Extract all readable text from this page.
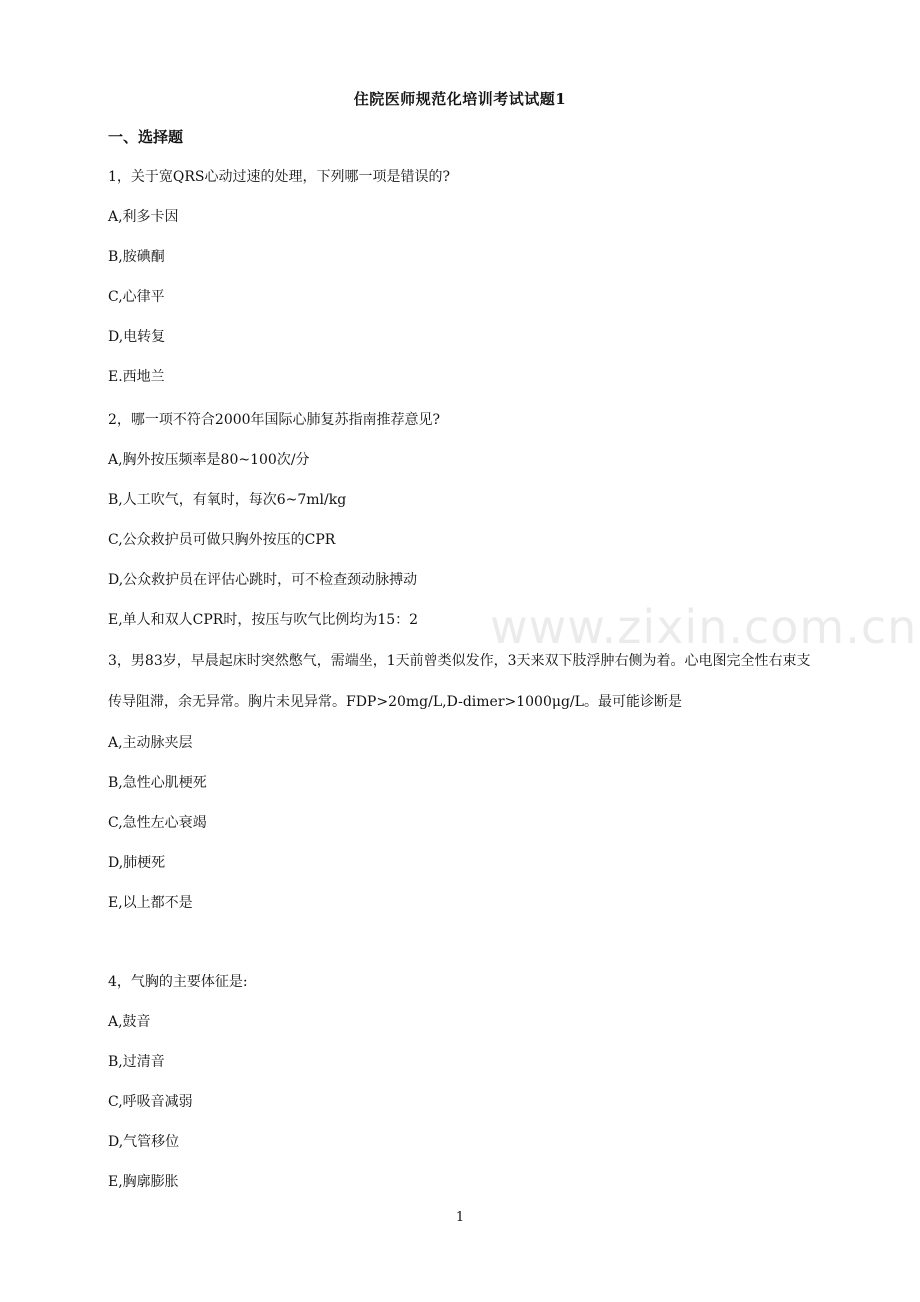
住院医师规范化培训考试试题1
一、选择题
1，关于宽QRS心动过速的处理，下列哪一项是错误的?
A,利多卡因
B,胺碘酮
C,心律平
D,电转复
E.西地兰
2，哪一项不符合2000年国际心肺复苏指南推荐意见?
A,胸外按压频率是80~100次/分
B,人工吹气，有氧时，每次6~7ml/kg
C,公众救护员可做只胸外按压的CPR
D,公众救护员在评估心跳时，可不检查颈动脉搏动
E,单人和双人CPR时，按压与吹气比例均为15：2
3，男83岁，早晨起床时突然憋气，需端坐，1天前曾类似发作，3天来双下肢浮肿右侧为着。心电图完全性右束支传导阻滞，余无异常。胸片未见异常。FDP>20mg/L,D-dimer>1000μg/L。最可能诊断是
A,主动脉夹层
B,急性心肌梗死
C,急性左心衰竭
D,肺梗死
E,以上都不是
4，气胸的主要体征是:
A,鼓音
B,过清音
C,呼吸音减弱
D,气管移位
E,胸廓膨胀
www.zixin.com.cn
1
